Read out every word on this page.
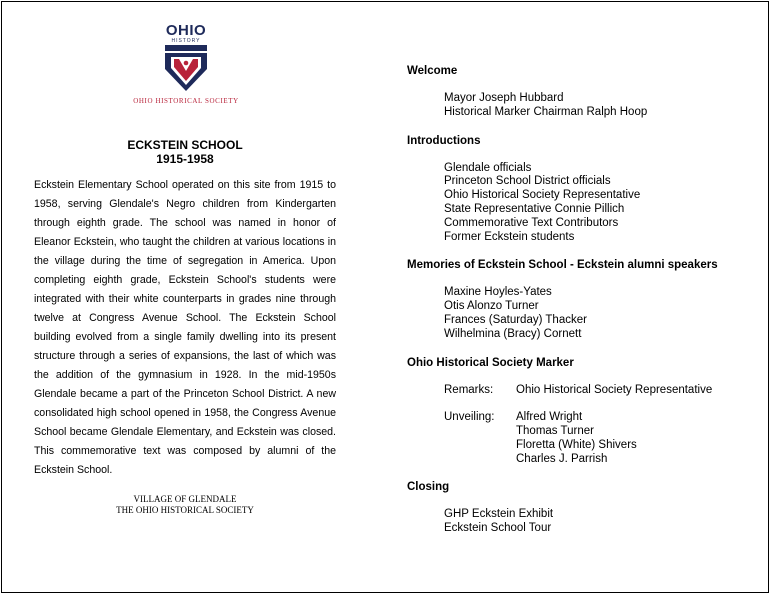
OHIO
HISTORY
OHIO HISTORICAL SOCIETY
ECKSTEIN SCHOOL
1915-1958
Eckstein Elementary School operated on this site from 1915 to 1958, serving Glendale's Negro children from Kindergarten through eighth grade. The school was named in honor of Eleanor Eckstein, who taught the children at various locations in the village during the time of segregation in America. Upon completing eighth grade, Eckstein School's students were integrated with their white counterparts in grades nine through twelve at Congress Avenue School. The Eckstein School building evolved from a single family dwelling into its present structure through a series of expansions, the last of which was the addition of the gymnasium in 1928. In the mid-1950s Glendale became a part of the Princeton School District. A new consolidated high school opened in 1958, the Congress Avenue School became Glendale Elementary, and Eckstein was closed. This commemorative text was composed by alumni of the Eckstein School.
VILLAGE OF GLENDALE
THE OHIO HISTORICAL SOCIETY
Welcome
Mayor Joseph Hubbard
Historical Marker Chairman Ralph Hoop
Introductions
Glendale officials
Princeton School District officials
Ohio Historical Society Representative
State Representative Connie Pillich
Commemorative Text Contributors
Former Eckstein students
Memories of Eckstein School - Eckstein alumni speakers
Maxine Hoyles-Yates
Otis Alonzo Turner
Frances (Saturday) Thacker
Wilhelmina (Bracy) Cornett
Ohio Historical Society Marker
Remarks:	Ohio Historical Society Representative
Unveiling:	Alfred Wright
Thomas Turner
Floretta (White) Shivers
Charles J. Parrish
Closing
GHP Eckstein Exhibit
Eckstein School Tour
